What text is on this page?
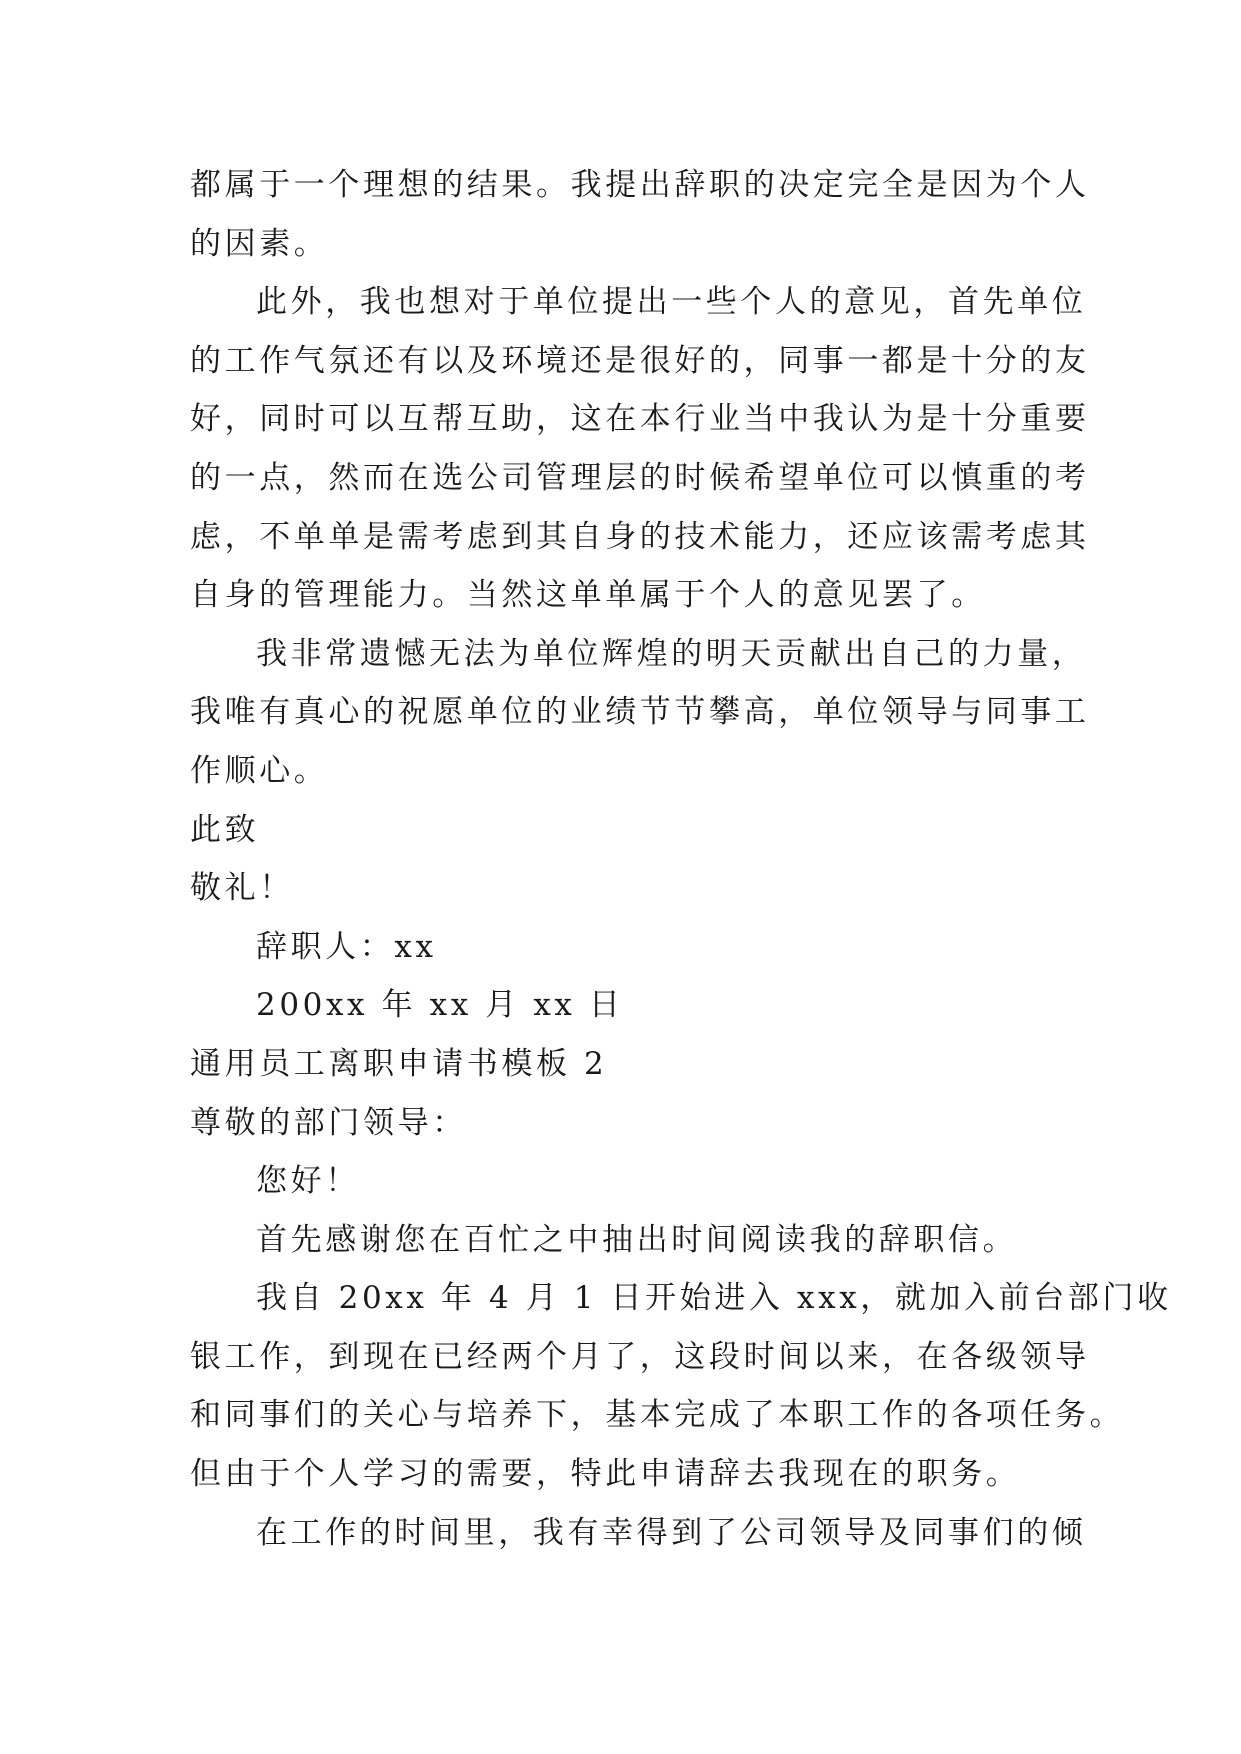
都属于一个理想的结果。我提出辞职的决定完全是因为个人
的因素。
此外，我也想对于单位提出一些个人的意见，首先单位
的工作气氛还有以及环境还是很好的，同事一都是十分的友
好，同时可以互帮互助，这在本行业当中我认为是十分重要
的一点，然而在选公司管理层的时候希望单位可以慎重的考
虑，不单单是需考虑到其自身的技术能力，还应该需考虑其
自身的管理能力。当然这单单属于个人的意见罢了。
我非常遗憾无法为单位辉煌的明天贡献出自己的力量，
我唯有真心的祝愿单位的业绩节节攀高，单位领导与同事工
作顺心。
此致
敬礼！
辞职人：xx
200xx 年 xx 月 xx 日
通用员工离职申请书模板 2
尊敬的部门领导：
您好！
首先感谢您在百忙之中抽出时间阅读我的辞职信。
我自 20xx 年 4 月 1 日开始进入 xxx，就加入前台部门收
银工作，到现在已经两个月了，这段时间以来，在各级领导
和同事们的关心与培养下，基本完成了本职工作的各项任务。
但由于个人学习的需要，特此申请辞去我现在的职务。
在工作的时间里，我有幸得到了公司领导及同事们的倾
